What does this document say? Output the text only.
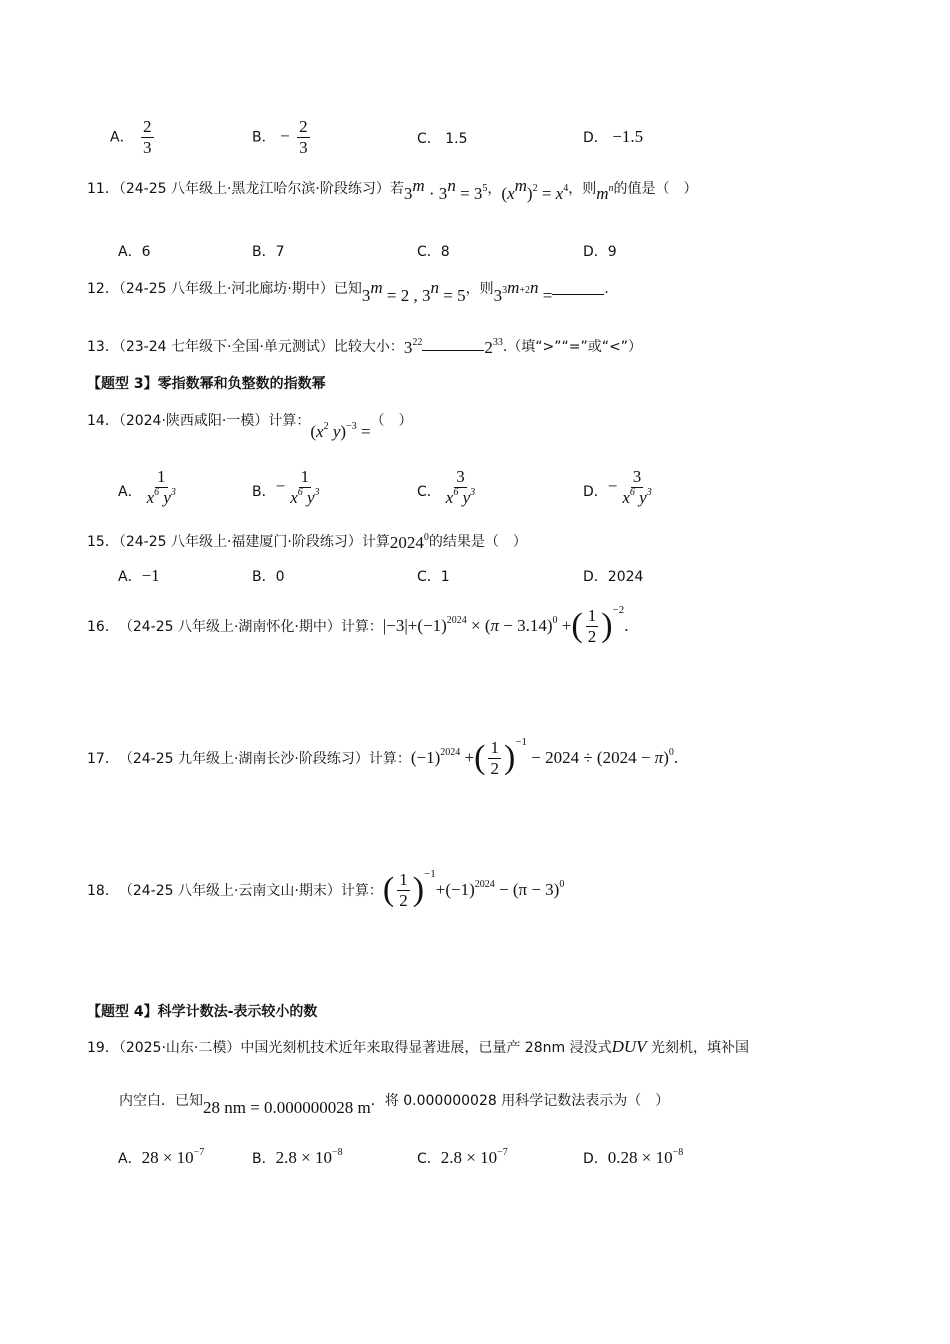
A． $\frac{2}{3}$	B． − $\frac{2}{3}$	C． 1.5	D． −1.5
11．（24-25 八年级上·黑龙江哈尔滨·阶段练习）若$3^m \cdot 3^n = 3^5$，$(x^m)^2 = x^4$，则$m^n$的值是（　）
A．6	B．7	C．8	D．9
12．（24-25 八年级上·河北廊坊·期中）已知$3^m = 2$ , $3^n = 5$，则$3^{3m+2n}$ =	.
13．（23-24 七年级下·全国·单元测试）比较大小：$3^{22}$	$2^{33}$.（填“>”“=”或“<”）
【题型 3】零指数幂和负整数的指数幂
14．（2024·陕西咸阳·一模）计算：($x^2$ y)$^{-3}$ =（　）
A． $\frac{1}{x^6 y^3}$	B．− $\frac{1}{x^6 y^3}$	C． $\frac{3}{x^6 y^3}$	D．− $\frac{3}{x^6 y^3}$
15．（24-25 八年级上·福建厦门·阶段练习）计算2024$^0$的结果是（　）
A．−1	B．0	C．1	D．2024
16． （24-25 八年级上·湖南怀化·期中）计算： $|-3|+(-1)^{2024} \times (\pi - 3.14)^0$ + ( $\frac{1}{2}$ ) −2
.
17． （24-25 九年级上·湖南长沙·阶段练习）计算： $(-1)^{2024}$ + ( $\frac{1}{2}$ ) −1
− $2024 \div (2024 - \pi)^0$.
18． （24-25 八年级上·云南文山·期末）计算： ( $\frac{1}{2}$ ) −1
$+(-1)^{2024} - (\pi - 3)^0$
【题型 4】科学计数法-表示较小的数
19．（2025·山东·二模）中国光刻机技术近年来取得显著进展，已量产 28nm 浸没式DUV 光刻机，填补国
内空白．已知28 nm = 0.000000028 m．将 0.000000028 用科学记数法表示为（　）
A．$28 \times 10^{-7}$	B．$2.8 \times 10^{-8}$	C．$2.8 \times 10^{-7}$	D．$0.28 \times 10^{-8}$
